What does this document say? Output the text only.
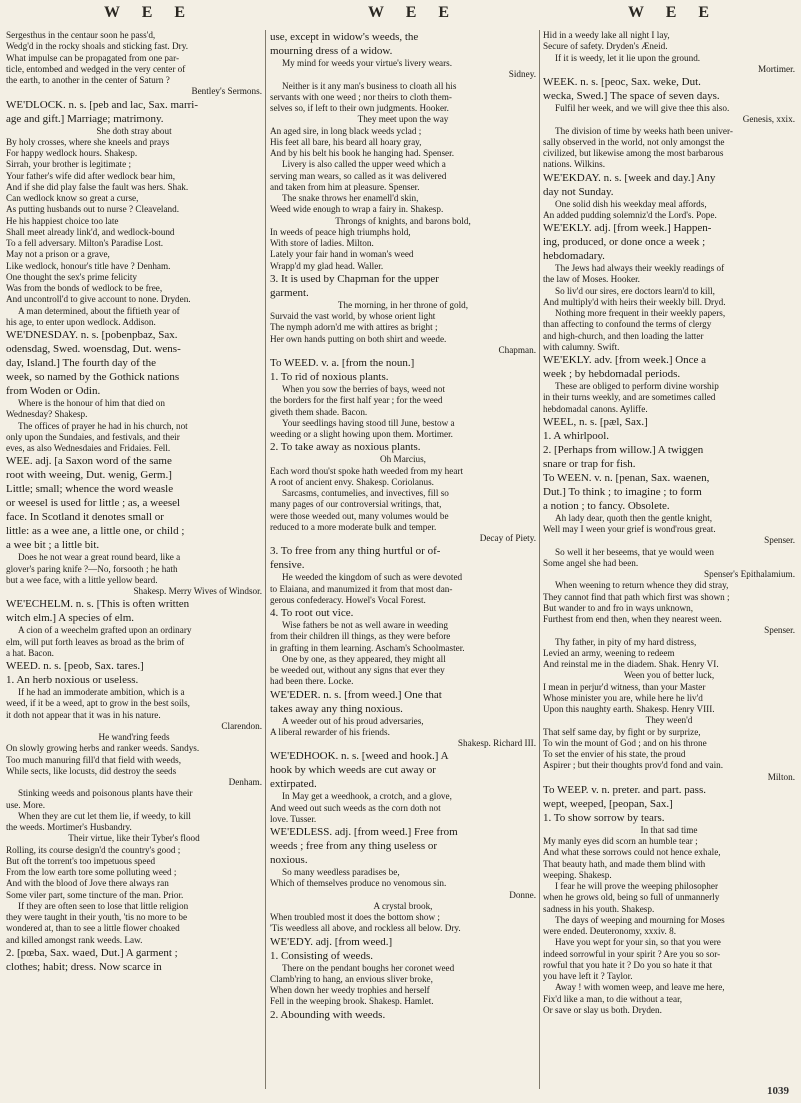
W E E	W E E	W E E
Sergesthus in the centaur soon he pass'd,
Wedg'd in the rocky shoals and sticking fast. Dry.
What impulse can be propagated from one par-
ticle, entombed and wedged in the very center of
the earth, to another in the center of Saturn ?
Bentley's Sermons.
WE'DLOCK. n. s. [peb and lac, Sax. marri-
age and gift.] Marriage; matrimony.
She doth stray about
By holy crosses, where she kneels and prays
For happy wedlock hours. Shakesp.
Sirrah, your brother is legitimate ;
Your father's wife did after wedlock bear him,
And if she did play false the fault was hers. Shak.
Can wedlock know so great a curse,
As putting husbands out to nurse ? Cleaveland.
He his happiest choice too late
Shall meet already link'd, and wedlock-bound
To a fell adversary. Milton's Paradise Lost.
May not a prison or a grave,
Like wedlock, honour's title have ? Denham.
One thought the sex's prime felicity
Was from the bonds of wedlock to be free,
And uncontroll'd to give account to none. Dryden.
A man determined, about the fiftieth year of
his age, to enter upon wedlock. Addison.
WE'DNESDAY. n. s. [pobenpbaz, Sax.
odensdag, Swed. woensdag, Dut. wens-
day, Island.] The fourth day of the
week, so named by the Gothick nations
from Woden or Odin.
Where is the honour of him that died on
Wednesday? Shakesp.
The offices of prayer he had in his church, not
only upon the Sundaies, and festivals, and their
eves, as also Wednesdaies and Fridaies. Fell.
WEE. adj. [a Saxon word of the same
root with weeing, Dut. wenig, Germ.]
Little; small; whence the word weasle
or weesel is used for little ; as, a weesel
face. In Scotland it denotes small or
little: as a wee ane, a little one, or child ;
a wee bit ; a little bit.
Does he not wear a great round beard, like a
glover's paring knife ?—No, forsooth ; he hath
but a wee face, with a little yellow beard.
Shakesp. Merry Wives of Windsor.
WE'ECHELM. n. s. [This is often written
witch elm.] A species of elm.
A cion of a weechelm grafted upon an ordinary
elm, will put forth leaves as broad as the brim of
a hat. Bacon.
WEED. n. s. [peob, Sax. tares.]
1. An herb noxious or useless.
If he had an immoderate ambition, which is a
weed, if it be a weed, apt to grow in the best soils,
it doth not appear that it was in his nature.
Clarendon.
He wand'ring feeds
On slowly growing herbs and ranker weeds. Sandys.
Too much manuring fill'd that field with weeds,
While sects, like locusts, did destroy the seeds
Denham.
Stinking weeds and poisonous plants have their
use. More.
When they are cut let them lie, if weedy, to kill
the weeds. Mortimer's Husbandry.
Their virtue, like their Tyber's flood
Rolling, its course design'd the country's good ;
But oft the torrent's too impetuous speed
From the low earth tore some polluting weed ;
And with the blood of Jove there always ran
Some viler part, some tincture of the man. Prior.
If they are often seen to lose that little religion
they were taught in their youth, 'tis no more to be
wondered at, than to see a little flower choaked
and killed amongst rank weeds. Law.
2. [pœba, Sax. waed, Dut.] A garment ;
clothes; habit; dress. Now scarce in
use, except in widow's weeds, the
mourning dress of a widow.
My mind for weeds your virtue's livery wears.
Sidney.
Neither is it any man's business to cloath all his
servants with one weed ; nor theirs to cloth them-
selves so, if left to their own judgments. Hooker.
They meet upon the way
An aged sire, in long black weeds yclad ;
His feet all bare, his beard all hoary gray,
And by his belt his book he hanging had. Spenser.
Livery is also called the upper weed which a
serving man wears, so called as it was delivered
and taken from him at pleasure. Spenser.
The snake throws her enamell'd skin,
Weed wide enough to wrap a fairy in. Shakesp.
Throngs of knights, and barons bold,
In weeds of peace high triumphs hold,
With store of ladies. Milton.
Lately your fair hand in woman's weed
Wrapp'd my glad head. Waller.
3. It is used by Chapman for the upper
garment.
The morning, in her throne of gold,
Survaid the vast world, by whose orient light
The nymph adorn'd me with attires as bright ;
Her own hands putting on both shirt and weede.
Chapman.
To WEED. v. a. [from the noun.]
1. To rid of noxious plants.
When you sow the berries of bays, weed not
the borders for the first half year ; for the weed
giveth them shade. Bacon.
Your seedlings having stood till June, bestow a
weeding or a slight howing upon them. Mortimer.
2. To take away as noxious plants.
Oh Marcius,
Each word thou'st spoke hath weeded from my heart
A root of ancient envy. Shakesp. Coriolanus.
Sarcasms, contumelies, and invectives, fill so
many pages of our controversial writings, that,
were those weeded out, many volumes would be
reduced to a more moderate bulk and temper.
Decay of Piety.
3. To free from any thing hurtful or of-
fensive.
He weeded the kingdom of such as were devoted
to Elaiana, and manumized it from that most dan-
gerous confederacy. Howel's Vocal Forest.
4. To root out vice.
Wise fathers be not as well aware in weeding
from their children ill things, as they were before
in grafting in them learning. Ascham's Schoolmaster.
One by one, as they appeared, they might all
be weeded out, without any signs that ever they
had been there. Locke.
WE'EDER. n. s. [from weed.] One that
takes away any thing noxious.
A weeder out of his proud adversaries,
A liberal rewarder of his friends.
Shakesp. Richard III.
WE'EDHOOK. n. s. [weed and hook.] A
hook by which weeds are cut away or
extirpated.
In May get a weedhook, a crotch, and a glove,
And weed out such weeds as the corn doth not
love. Tusser.
WE'EDLESS. adj. [from weed.] Free from
weeds ; free from any thing useless or
noxious.
So many weedless paradises be,
Which of themselves produce no venomous sin.
Donne.
A crystal brook,
When troubled most it does the bottom show ;
'Tis weedless all above, and rockless all below. Dry.
WE'EDY. adj. [from weed.]
1. Consisting of weeds.
There on the pendant boughs her coronet weed
Clamb'ring to hang, an envious sliver broke,
When down her weedy trophies and herself
Fell in the weeping brook. Shakesp. Hamlet.
2. Abounding with weeds.
Hid in a weedy lake all night I lay,
Secure of safety. Dryden's Æneid.
If it is weedy, let it lie upon the ground.
Mortimer.
WEEK. n. s. [peoc, Sax. weke, Dut.
wecka, Swed.] The space of seven days.
Fulfil her week, and we will give thee this also.
Genesis, xxix.
The division of time by weeks hath been univer-
sally observed in the world, not only amongst the
civilized, but likewise among the most barbarous
nations. Wilkins.
WE'EKDAY. n. s. [week and day.] Any
day not Sunday.
One solid dish his weekday meal affords,
An added pudding solemniz'd the Lord's. Pope.
WE'EKLY. adj. [from week.] Happen-
ing, produced, or done once a week ;
hebdomadary.
The Jews had always their weekly readings of
the law of Moses. Hooker.
So liv'd our sires, ere doctors learn'd to kill,
And multiply'd with heirs their weekly bill. Dryd.
Nothing more frequent in their weekly papers,
than affecting to confound the terms of clergy
and high-church, and then loading the latter
with calumny. Swift.
WE'EKLY. adv. [from week.] Once a
week ; by hebdomadal periods.
These are obliged to perform divine worship
in their turns weekly, and are sometimes called
hebdomadal canons. Ayliffe.
WEEL, n. s. [pæl, Sax.]
1. A whirlpool.
2. [Perhaps from willow.] A twiggen
snare or trap for fish.
To WEEN. v. n. [penan, Sax. waenen,
Dut.] To think ; to imagine ; to form
a notion ; to fancy. Obsolete.
Ah lady dear, quoth then the gentle knight,
Well may I ween your grief is wond'rous great.
Spenser.
So well it her beseems, that ye would ween
Some angel she had been.
Spenser's Epithalamium.
When weening to return whence they did stray,
They cannot find that path which first was shown ;
But wander to and fro in ways unknown,
Furthest from end then, when they nearest ween.
Spenser.
Thy father, in pity of my hard distress,
Levied an army, weening to redeem
And reinstal me in the diadem. Shak. Henry VI.
Ween you of better luck,
I mean in perjur'd witness, than your Master
Whose minister you are, while here he liv'd
Upon this naughty earth. Shakesp. Henry VIII.
They ween'd
That self same day, by fight or by surprize,
To win the mount of God ; and on his throne
To set the envier of his state, the proud
Aspirer ; but their thoughts prov'd fond and vain.
Milton.
To WEEP. v. n. preter. and part. pass.
wept, weeped, [peopan, Sax.]
1. To show sorrow by tears.
In that sad time
My manly eyes did scorn an humble tear ;
And what these sorrows could not hence exhale,
That beauty hath, and made them blind with
weeping. Shakesp.
I fear he will prove the weeping philosopher
when he grows old, being so full of unmannerly
sadness in his youth. Shakesp.
The days of weeping and mourning for Moses
were ended. Deuteronomy, xxxiv. 8.
Have you wept for your sin, so that you were
indeed sorrowful in your spirit ? Are you so sor-
rowful that you hate it ? Do you so hate it that
you have left it ? Taylor.
Away ! with women weep, and leave me here,
Fix'd like a man, to die without a tear,
Or save or slay us both. Dryden.
1039
